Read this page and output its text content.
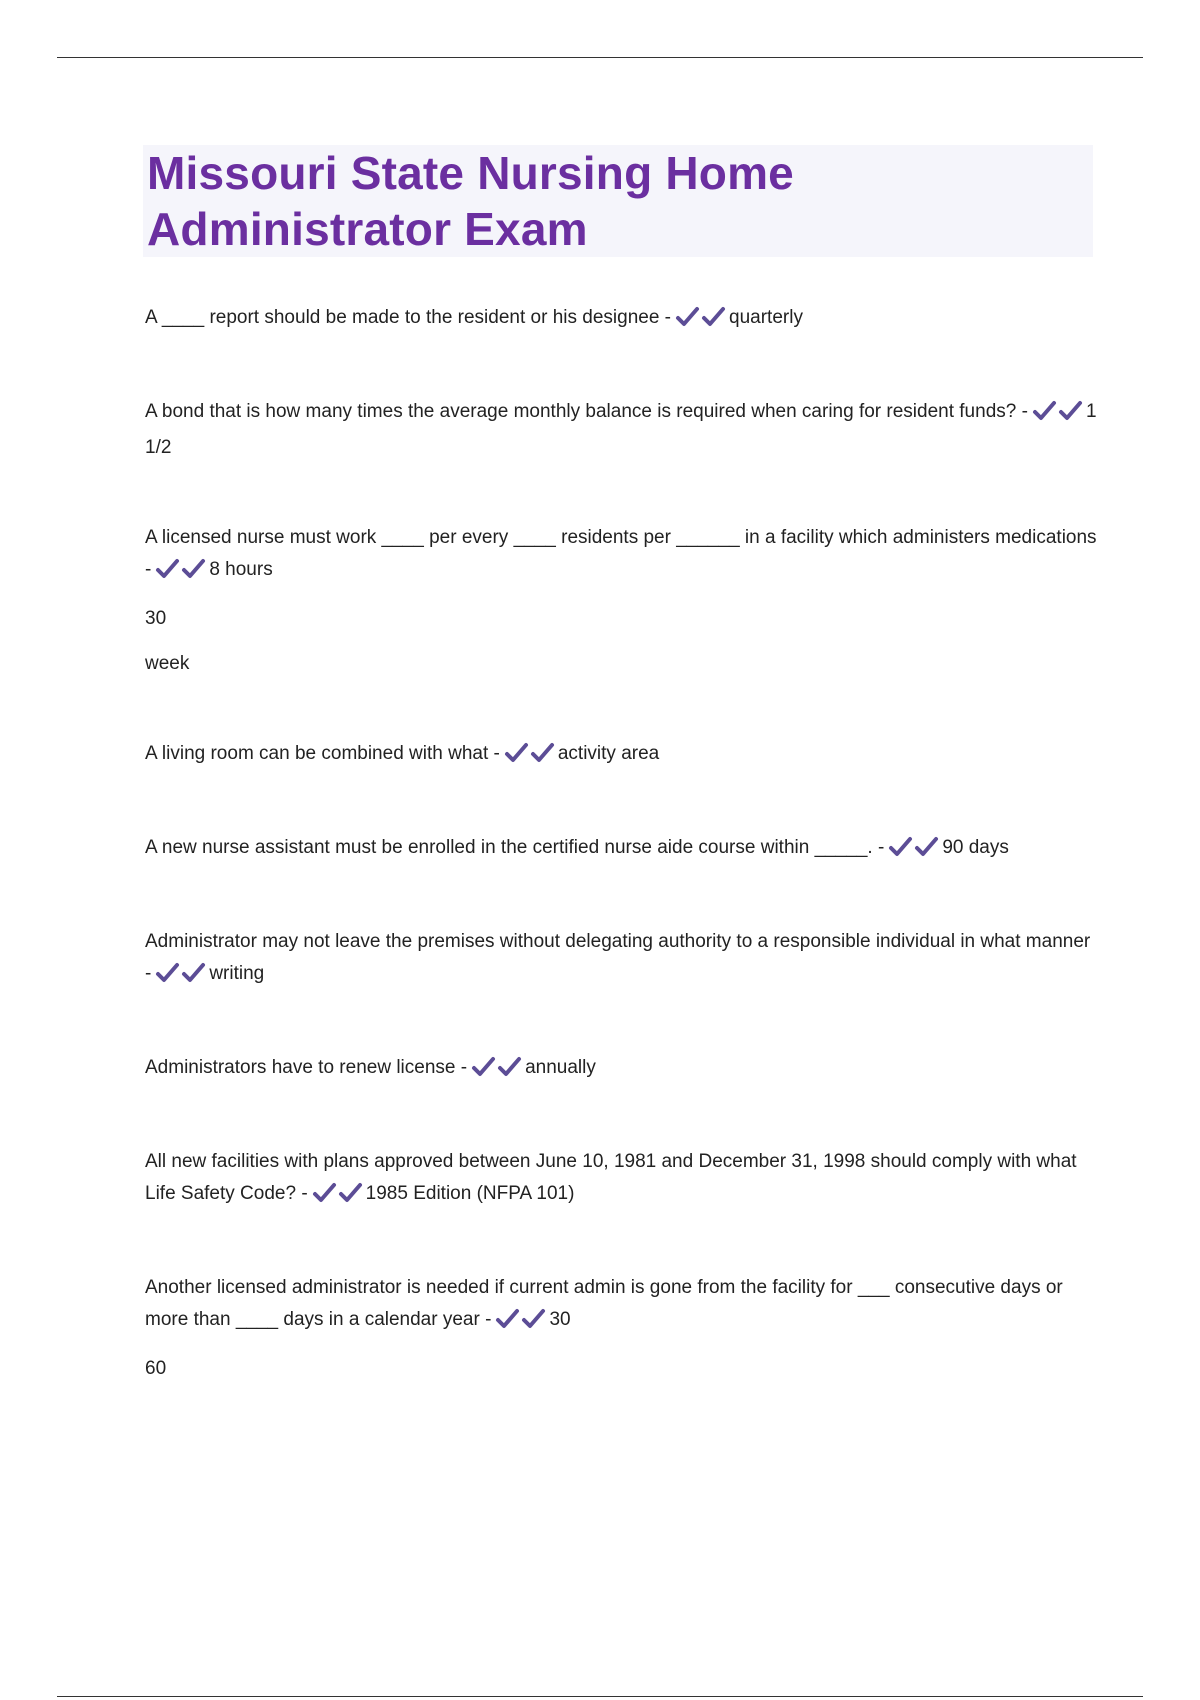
Missouri State Nursing Home
Administrator Exam

A ____ report should be made to the resident or his designee -	quarterly

A bond that is how many times the average monthly balance is required when caring for resident funds? -	1 1/2

A licensed nurse must work ____ per every ____ residents per ______ in a facility which administers medications -	8 hours

30

week

A living room can be combined with what -	activity area

A new nurse assistant must be enrolled in the certified nurse aide course within _____. -	90 days

Administrator may not leave the premises without delegating authority to a responsible individual in what manner -	writing

Administrators have to renew license -	annually

All new facilities with plans approved between June 10, 1981 and December 31, 1998 should comply with what Life Safety Code? -	1985 Edition (NFPA 101)

Another licensed administrator is needed if current admin is gone from the facility for ___ consecutive days or more than ____ days in a calendar year -	30

60
